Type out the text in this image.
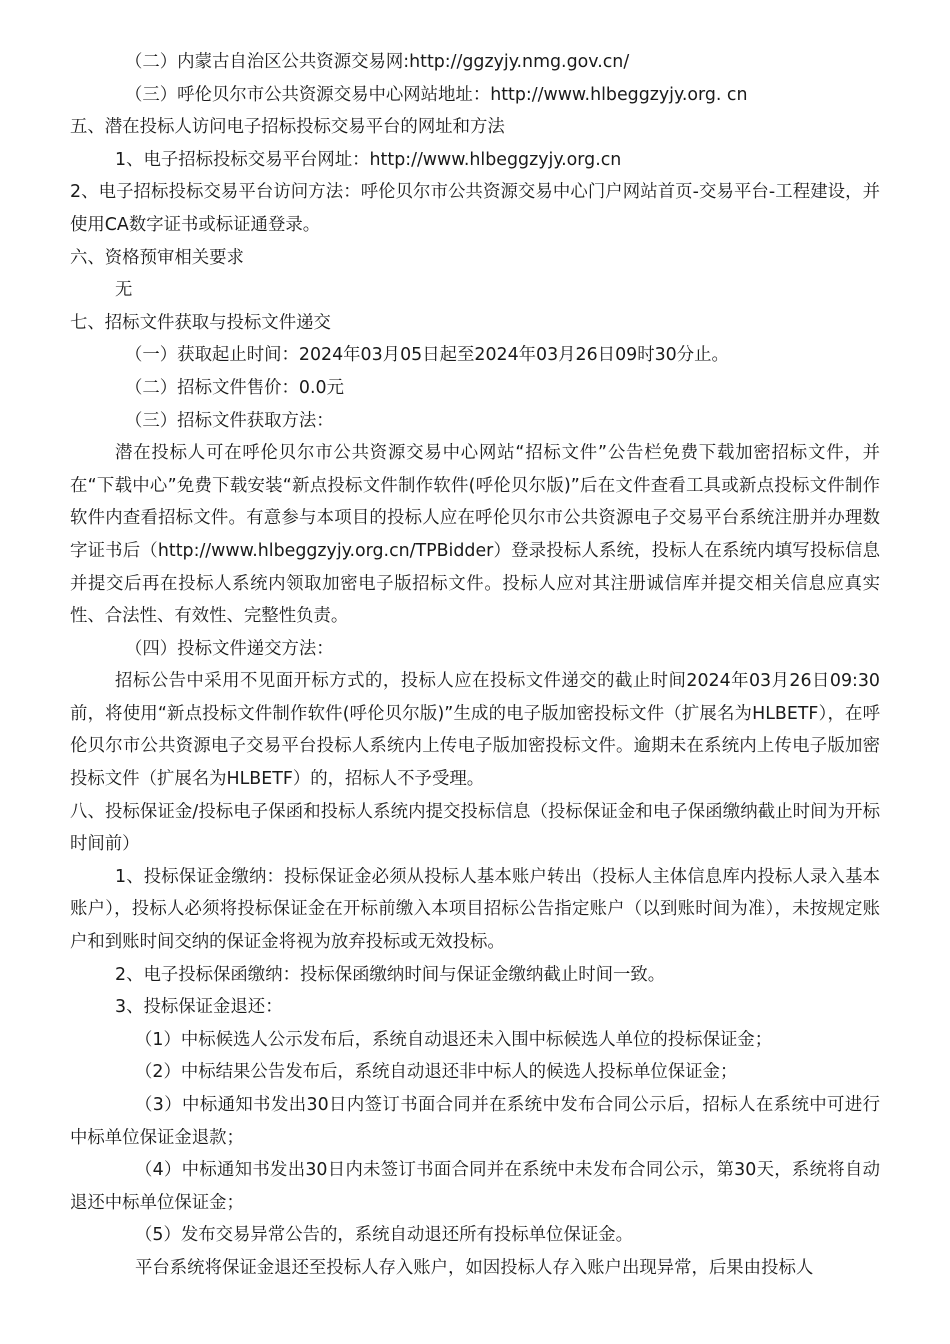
（二）内蒙古自治区公共资源交易网:http://ggzyjy.nmg.gov.cn/

（三）呼伦贝尔市公共资源交易中心网站地址：http://www.hlbeggzyjy.org. cn

五、潜在投标人访问电子招标投标交易平台的网址和方法

1、电子招标投标交易平台网址：http://www.hlbeggzyjy.org.cn

2、电子招标投标交易平台访问方法：呼伦贝尔市公共资源交易中心门户网站首页-交易平台-工程建设，并使用CA数字证书或标证通登录。

六、资格预审相关要求

无

七、招标文件获取与投标文件递交

（一）获取起止时间：2024年03月05日起至2024年03月26日09时30分止。

（二）招标文件售价：0.0元

（三）招标文件获取方法：

潜在投标人可在呼伦贝尔市公共资源交易中心网站“招标文件”公告栏免费下载加密招标文件，并在“下载中心”免费下载安装“新点投标文件制作软件(呼伦贝尔版)”后在文件查看工具或新点投标文件制作软件内查看招标文件。有意参与本项目的投标人应在呼伦贝尔市公共资源电子交易平台系统注册并办理数字证书后（http://www.hlbeggzyjy.org.cn/TPBidder）登录投标人系统，投标人在系统内填写投标信息并提交后再在投标人系统内领取加密电子版招标文件。投标人应对其注册诚信库并提交相关信息应真实性、合法性、有效性、完整性负责。

（四）投标文件递交方法：

招标公告中采用不见面开标方式的，投标人应在投标文件递交的截止时间2024年03月26日09:30前，将使用“新点投标文件制作软件(呼伦贝尔版)”生成的电子版加密投标文件（扩展名为HLBETF），在呼伦贝尔市公共资源电子交易平台投标人系统内上传电子版加密投标文件。逾期未在系统内上传电子版加密投标文件（扩展名为HLBETF）的，招标人不予受理。

八、投标保证金/投标电子保函和投标人系统内提交投标信息（投标保证金和电子保函缴纳截止时间为开标时间前）

1、投标保证金缴纳：投标保证金必须从投标人基本账户转出（投标人主体信息库内投标人录入基本账户），投标人必须将投标保证金在开标前缴入本项目招标公告指定账户（以到账时间为准），未按规定账户和到账时间交纳的保证金将视为放弃投标或无效投标。

2、电子投标保函缴纳：投标保函缴纳时间与保证金缴纳截止时间一致。

3、投标保证金退还：

（1）中标候选人公示发布后，系统自动退还未入围中标候选人单位的投标保证金；

（2）中标结果公告发布后，系统自动退还非中标人的候选人投标单位保证金；

（3）中标通知书发出30日内签订书面合同并在系统中发布合同公示后，招标人在系统中可进行中标单位保证金退款；

（4）中标通知书发出30日内未签订书面合同并在系统中未发布合同公示，第30天，系统将自动退还中标单位保证金；

（5）发布交易异常公告的，系统自动退还所有投标单位保证金。

平台系统将保证金退还至投标人存入账户，如因投标人存入账户出现异常，后果由投标人
